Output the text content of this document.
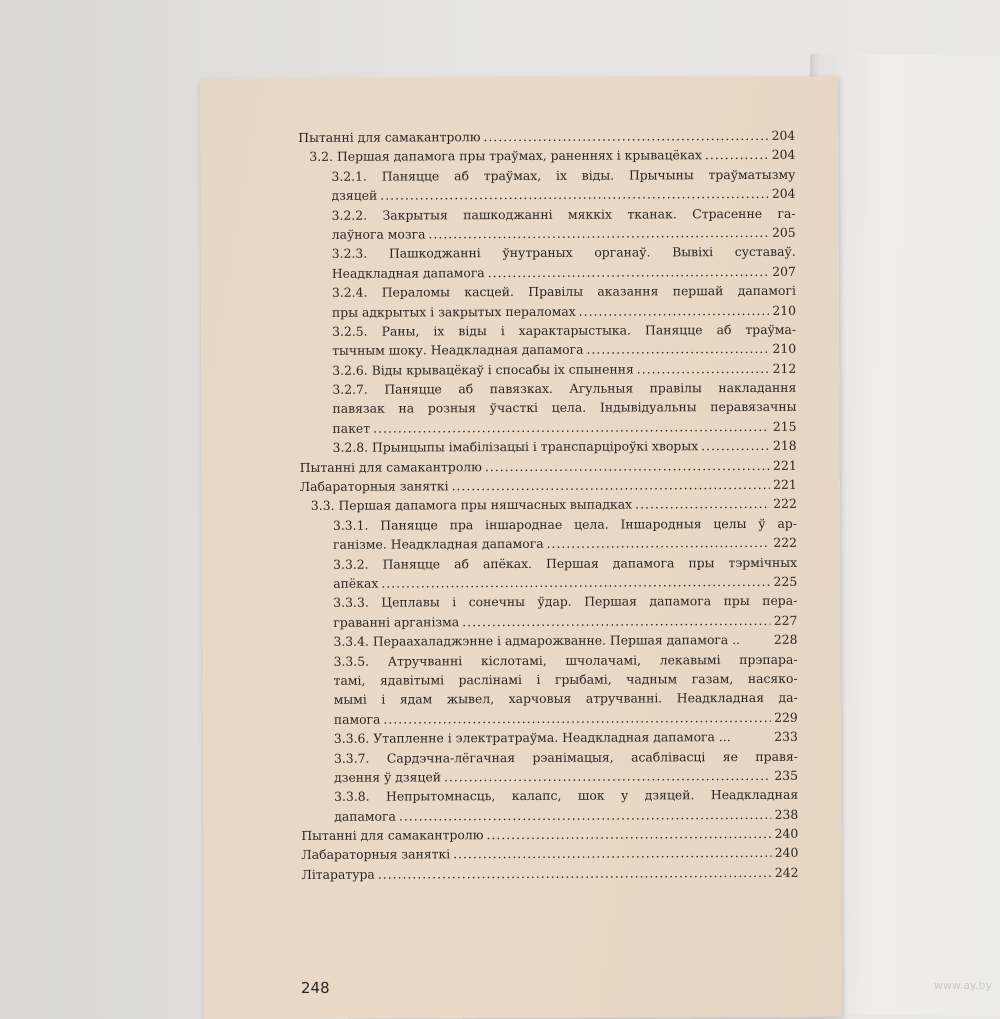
Пытанні для самакантролю .....	204
3.2. Першая дапамога пры траўмах, раненнях і крывацёках .....	204
3.2.1. Паняцце аб траўмах, іх віды. Прычыны траўматызму
дзяцей .....	204
3.2.2. Закрытыя пашкоджанні мяккіх тканак. Страсенне га-
лаўнога мозга .....	205
3.2.3. Пашкоджанні ўнутраных органаў. Вывіхі суставаў.
Неадкладная дапамога .....	207
3.2.4. Пераломы касцей. Правілы аказання першай дапамогі
пры адкрытых і закрытых пераломах .....	210
3.2.5. Раны, іх віды і характарыстыка. Паняцце аб траўма-
тычным шоку. Неадкладная дапамога .....	210
3.2.6. Віды крывацёкаў і спосабы іх спынення .....	212
3.2.7. Паняцце аб павязках. Агульныя правілы накладання
павязак на розныя ўчасткі цела. Індывідуальны перавязачны
пакет .....	215
3.2.8. Прынцыпы імабілізацыі і транспарціроўкі хворых .....	218
Пытанні для самакантролю .....	221
Лабараторныя заняткі .....	221
3.3. Першая дапамога пры няшчасных выпадках .....	222
3.3.1. Паняцце пра іншароднае цела. Іншародныя целы ў ар-
ганізме. Неадкладная дапамога .....	222
3.3.2. Паняцце аб апёках. Першая дапамога пры тэрмічных
апёках .....	225
3.3.3. Цеплавы і сонечны ўдар. Першая дапамога пры пера-
граванні арганізма .....	227
3.3.4. Пераахаладжэнне і адмарожванне. Першая дапамога ..	228
3.3.5. Атручванні кіслотамі, шчолачамі, лекавымі прэпара-
тамі, ядавітымі раслінамі і грыбамі, чадным газам, насяко-
мымі і ядам жывел, харчовыя атручванні. Неадкладная да-
памога .....	229
3.3.6. Утапленне і электратраўма. Неадкладная дапамога ...	233
3.3.7. Сардэчна-лёгачная рэанімацыя, асаблівасці яе правя-
дзення ў дзяцей .....	235
3.3.8. Непрытомнасць, калапс, шок у дзяцей. Неадкладная
дапамога .....	238
Пытанні для самакантролю .....	240
Лабараторныя заняткі .....	240
Літаратура .....	242
248	www.ay.by
